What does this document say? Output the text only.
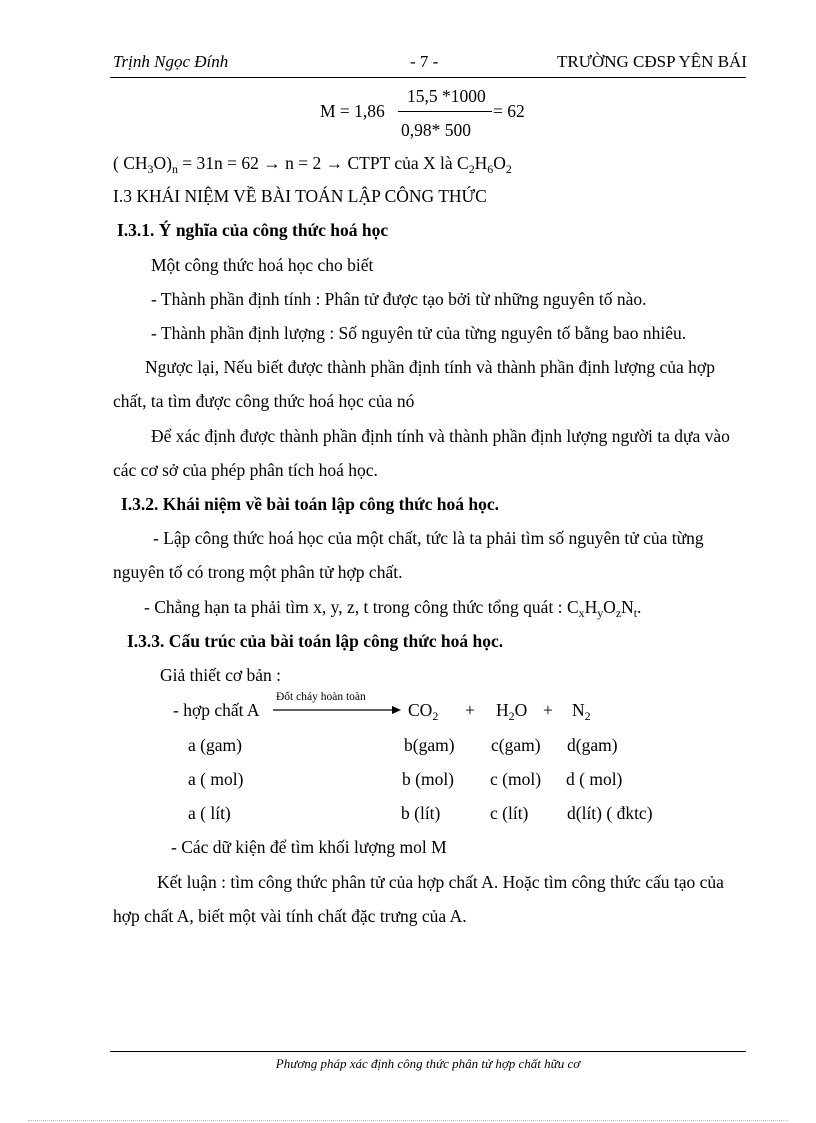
Trịnh Ngọc Đính	- 7 -	TRƯỜNG CĐSP YÊN BÁI
M = 1,86
15,5 *1000
0,98* 500
= 62
( $CH_3O)_n = 31n = 62 \to n = 2$ → CTPT của X là $C_2H_6O_2$
I.3 KHÁI NIỆM VỀ BÀI TOÁN LẬP CÔNG THỨC
I.3.1. Ý nghĩa của công thức hoá học
Một công thức hoá học cho biết
- Thành phần định tính : Phân tử được tạo bởi từ những nguyên tố nào.
- Thành phần định lượng : Số nguyên tử của từng nguyên tố bằng bao nhiêu.
Ngược lại, Nếu biết được thành phần định tính và thành phần định lượng của hợp
chất, ta tìm được công thức hoá học của nó
Để xác định được thành phần định tính và thành phần định lượng người ta dựa vào
các cơ sở của phép phân tích hoá học.
I.3.2. Khái niệm về bài toán lập công thức hoá học.
- Lập công thức hoá học của một chất, tức là ta phải tìm số nguyên tử của từng
nguyên tố có trong một phân tử hợp chất.
- Chẳng hạn ta phải tìm x, y, z, t trong công thức tổng quát : $C_xH_yO_zN_t$.
I.3.3. Cấu trúc của bài toán lập công thức hoá học.
Giả thiết cơ bản :
- hợp chất A
Đốt cháy hoàn toàn
$CO_2 + H_2O + N_2$
a (gam)	b(gam) c(gam) d(gam)
a ( mol)	b (mol) c (mol) d ( mol)
a ( lít)	b (lít)	c (lít) d(lít) ( đktc)
- Các dữ kiện để tìm khối lượng mol M
Kết luận : tìm công thức phân tử của hợp chất A. Hoặc tìm công thức cấu tạo của
hợp chất A, biết một vài tính chất đặc trưng của A.
Phương pháp xác định công thức phân tử hợp chất hữu cơ
